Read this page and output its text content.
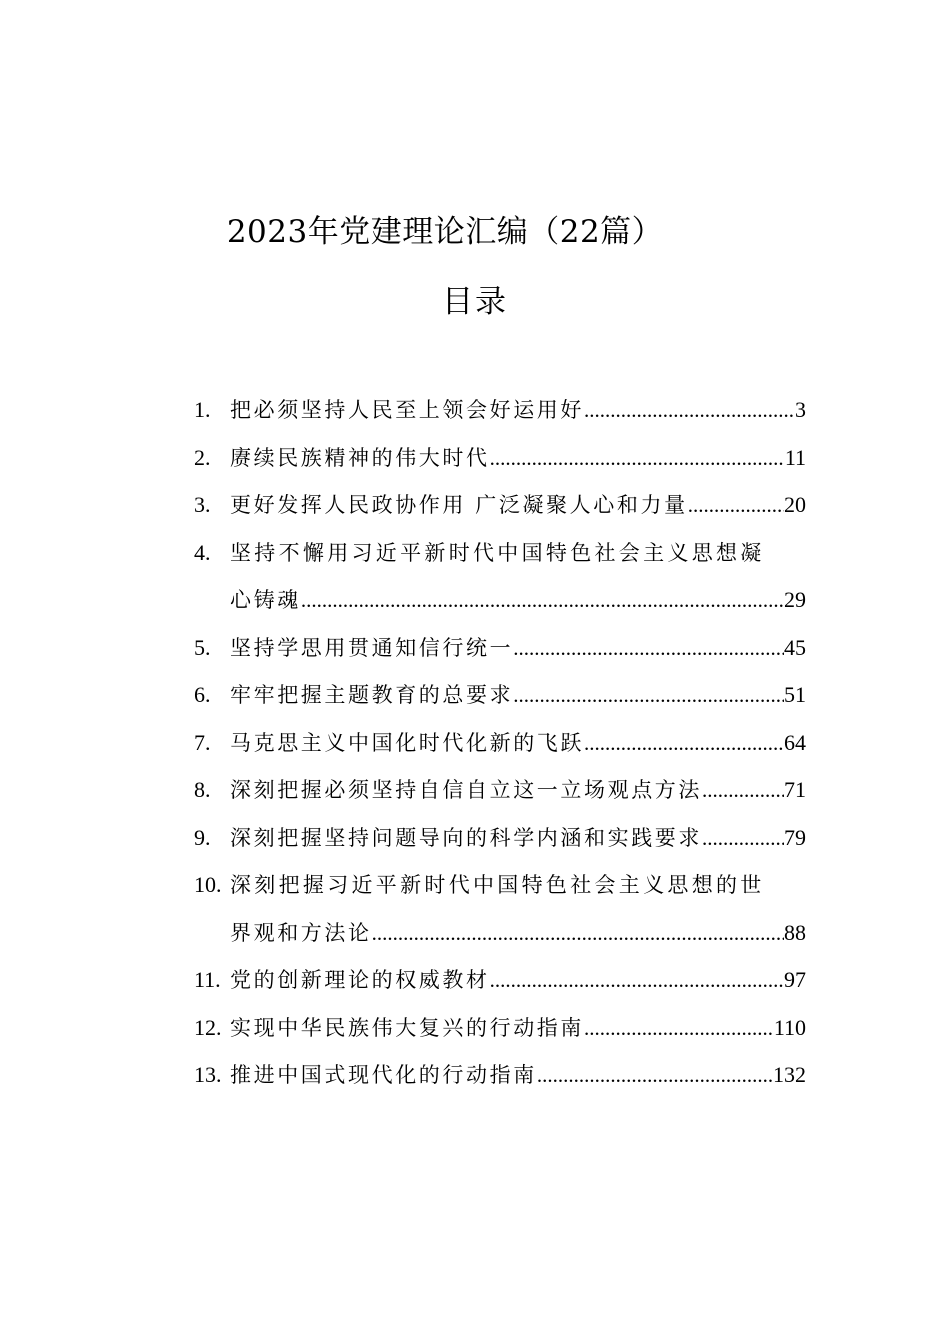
2023年党建理论汇编（22篇）
目录
1. 把必须坚持人民至上领会好运用好 .....	3
2. 赓续民族精神的伟大时代 .....	11
3. 更好发挥人民政协作用 广泛凝聚人心和力量 .....	20
4. 坚持不懈用习近平新时代中国特色社会主义思想凝
心铸魂 .....	29
5. 坚持学思用贯通知信行统一 .....	45
6. 牢牢把握主题教育的总要求 .....	51
7. 马克思主义中国化时代化新的飞跃 .....	64
8. 深刻把握必须坚持自信自立这一立场观点方法 .....	71
9. 深刻把握坚持问题导向的科学内涵和实践要求 .....	79
10. 深刻把握习近平新时代中国特色社会主义思想的世
界观和方法论 .....	88
11. 党的创新理论的权威教材 .....	97
12. 实现中华民族伟大复兴的行动指南 .....	110
13. 推进中国式现代化的行动指南 .....	132
